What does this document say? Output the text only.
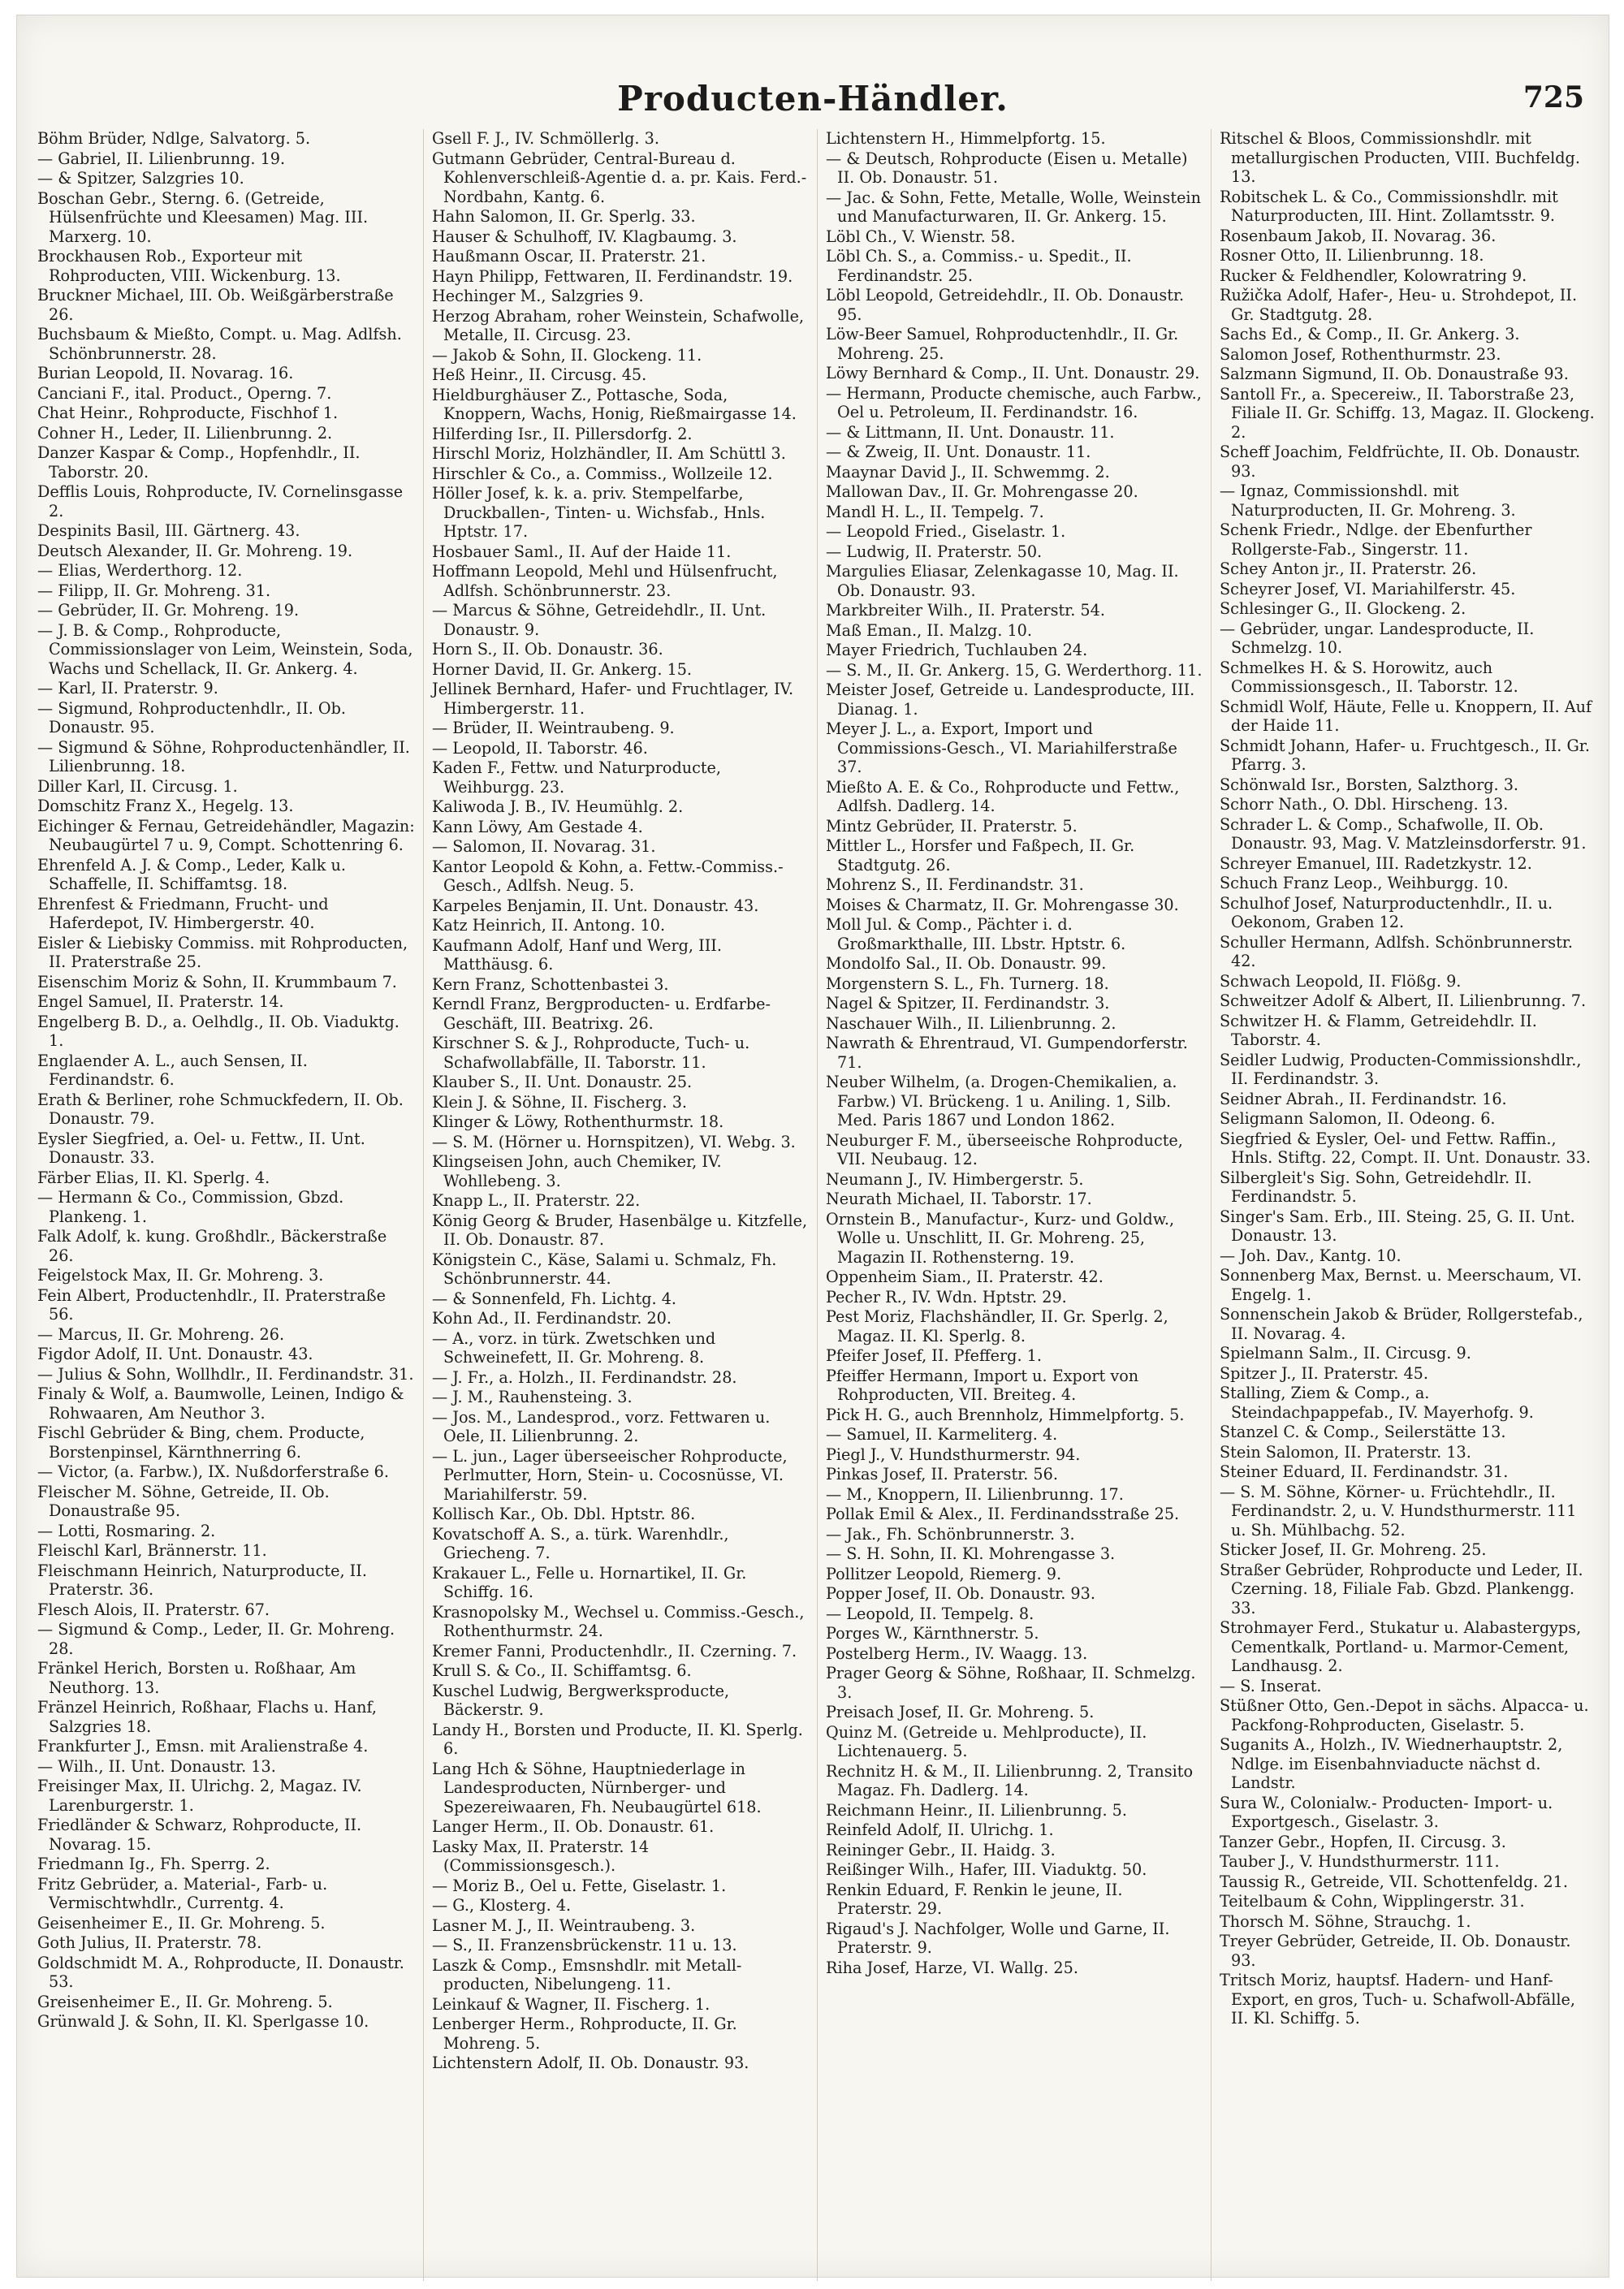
Producten-Händler.	725
Böhm Brüder, Ndlge, Salvatorg. 5.
— Gabriel, II. Lilienbrunng. 19.
— & Spitzer, Salzgries 10.
Boschan Gebr., Sterng. 6. (Getreide, Hülsenfrüchte und Kleesamen) Mag. III. Marxerg. 10.
Brockhausen Rob., Exporteur mit Rohproducten, VIII. Wickenburg. 13.
Bruckner Michael, III. Ob. Weißgärberstraße 26.
Buchsbaum & Mießto, Compt. u. Mag. Adlfsh. Schönbrunnerstr. 28.
Burian Leopold, II. Novarag. 16.
Canciani F., ital. Product., Operng. 7.
Chat Heinr., Rohproducte, Fischhof 1.
Cohner H., Leder, II. Lilienbrunng. 2.
Danzer Kaspar & Comp., Hopfenhdlr., II. Taborstr. 20.
Defflis Louis, Rohproducte, IV. Cornelinsgasse 2.
Despinits Basil, III. Gärtnerg. 43.
Deutsch Alexander, II. Gr. Mohreng. 19.
— Elias, Werderthorg. 12.
— Filipp, II. Gr. Mohreng. 31.
— Gebrüder, II. Gr. Mohreng. 19.
— J. B. & Comp., Rohproducte, Commissionslager von Leim, Weinstein, Soda, Wachs und Schellack, II. Gr. Ankerg. 4.
— Karl, II. Praterstr. 9.
— Sigmund, Rohproductenhdlr., II. Ob. Donaustr. 95.
— Sigmund & Söhne, Rohproductenhändler, II. Lilienbrunng. 18.
Diller Karl, II. Circusg. 1.
Domschitz Franz X., Hegelg. 13.
Eichinger & Fernau, Getreidehändler, Magazin: Neubaugürtel 7 u. 9, Compt. Schottenring 6.
Ehrenfeld A. J. & Comp., Leder, Kalk u. Schaffelle, II. Schiffamtsg. 18.
Ehrenfest & Friedmann, Frucht- und Haferdepot, IV. Himbergerstr. 40.
Eisler & Liebisky Commiss. mit Rohproducten, II. Praterstraße 25.
Eisenschim Moriz & Sohn, II. Krummbaum 7.
Engel Samuel, II. Praterstr. 14.
Engelberg B. D., a. Oelhdlg., II. Ob. Viaduktg. 1.
Englaender A. L., auch Sensen, II. Ferdinandstr. 6.
Erath & Berliner, rohe Schmuckfedern, II. Ob. Donaustr. 79.
Eysler Siegfried, a. Oel- u. Fettw., II. Unt. Donaustr. 33.
Färber Elias, II. Kl. Sperlg. 4.
— Hermann & Co., Commission, Gbzd. Plankeng. 1.
Falk Adolf, k. kung. Großhdlr., Bäckerstraße 26.
Feigelstock Max, II. Gr. Mohreng. 3.
Fein Albert, Productenhdlr., II. Praterstraße 56.
— Marcus, II. Gr. Mohreng. 26.
Figdor Adolf, II. Unt. Donaustr. 43.
— Julius & Sohn, Wollhdlr., II. Ferdinandstr. 31.
Finaly & Wolf, a. Baumwolle, Leinen, Indigo & Rohwaaren, Am Neuthor 3.
Fischl Gebrüder & Bing, chem. Producte, Borstenpinsel, Kärnthnerring 6.
— Victor, (a. Farbw.), IX. Nußdorferstraße 6.
Fleischer M. Söhne, Getreide, II. Ob. Donaustraße 95.
— Lotti, Rosmaring. 2.
Fleischl Karl, Brännerstr. 11.
Fleischmann Heinrich, Naturproducte, II. Praterstr. 36.
Flesch Alois, II. Praterstr. 67.
— Sigmund & Comp., Leder, II. Gr. Mohreng. 28.
Fränkel Herich, Borsten u. Roßhaar, Am Neuthorg. 13.
Fränzel Heinrich, Roßhaar, Flachs u. Hanf, Salzgries 18.
Frankfurter J., Emsn. mit Aralienstraße 4.
— Wilh., II. Unt. Donaustr. 13.
Freisinger Max, II. Ulrichg. 2, Magaz. IV. Larenburgerstr. 1.
Friedländer & Schwarz, Rohproducte, II. Novarag. 15.
Friedmann Ig., Fh. Sperrg. 2.
Fritz Gebrüder, a. Material-, Farb- u. Vermischtwhdlr., Currentg. 4.
Geisenheimer E., II. Gr. Mohreng. 5.
Goth Julius, II. Praterstr. 78.
Goldschmidt M. A., Rohproducte, II. Donaustr. 53.
Greisenheimer E., II. Gr. Mohreng. 5.
Grünwald J. & Sohn, II. Kl. Sperlgasse 10.
Gsell F. J., IV. Schmöllerlg. 3.
Gutmann Gebrüder, Central-Bureau d. Kohlenverschleiß-Agentie d. a. pr. Kais. Ferd.-Nordbahn, Kantg. 6.
Hahn Salomon, II. Gr. Sperlg. 33.
Hauser & Schulhoff, IV. Klagbaumg. 3.
Haußmann Oscar, II. Praterstr. 21.
Hayn Philipp, Fettwaren, II. Ferdinandstr. 19.
Hechinger M., Salzgries 9.
Herzog Abraham, roher Weinstein, Schafwolle, Metalle, II. Circusg. 23.
— Jakob & Sohn, II. Glockeng. 11.
Heß Heinr., II. Circusg. 45.
Hieldburghäuser Z., Pottasche, Soda, Knoppern, Wachs, Honig, Rießmairgasse 14.
Hilferding Isr., II. Pillersdorfg. 2.
Hirschl Moriz, Holzhändler, II. Am Schüttl 3.
Hirschler & Co., a. Commiss., Wollzeile 12.
Höller Josef, k. k. a. priv. Stempelfarbe, Druckballen-, Tinten- u. Wichsfab., Hnls. Hptstr. 17.
Hosbauer Saml., II. Auf der Haide 11.
Hoffmann Leopold, Mehl und Hülsenfrucht, Adlfsh. Schönbrunnerstr. 23.
— Marcus & Söhne, Getreidehdlr., II. Unt. Donaustr. 9.
Horn S., II. Ob. Donaustr. 36.
Horner David, II. Gr. Ankerg. 15.
Jellinek Bernhard, Hafer- und Fruchtlager, IV. Himbergerstr. 11.
— Brüder, II. Weintraubeng. 9.
— Leopold, II. Taborstr. 46.
Kaden F., Fettw. und Naturproducte, Weihburgg. 23.
Kaliwoda J. B., IV. Heumühlg. 2.
Kann Löwy, Am Gestade 4.
— Salomon, II. Novarag. 31.
Kantor Leopold & Kohn, a. Fettw.-Commiss.-Gesch., Adlfsh. Neug. 5.
Karpeles Benjamin, II. Unt. Donaustr. 43.
Katz Heinrich, II. Antong. 10.
Kaufmann Adolf, Hanf und Werg, III. Matthäusg. 6.
Kern Franz, Schottenbastei 3.
Kerndl Franz, Bergproducten- u. Erdfarbe-Geschäft, III. Beatrixg. 26.
Kirschner S. & J., Rohproducte, Tuch- u. Schafwollabfälle, II. Taborstr. 11.
Klauber S., II. Unt. Donaustr. 25.
Klein J. & Söhne, II. Fischerg. 3.
Klinger & Löwy, Rothenthurmstr. 18.
— S. M. (Hörner u. Hornspitzen), VI. Webg. 3.
Klingseisen John, auch Chemiker, IV. Wohllebeng. 3.
Knapp L., II. Praterstr. 22.
König Georg & Bruder, Hasenbälge u. Kitzfelle, II. Ob. Donaustr. 87.
Königstein C., Käse, Salami u. Schmalz, Fh. Schönbrunnerstr. 44.
— & Sonnenfeld, Fh. Lichtg. 4.
Kohn Ad., II. Ferdinandstr. 20.
— A., vorz. in türk. Zwetschken und Schweinefett, II. Gr. Mohreng. 8.
— J. Fr., a. Holzh., II. Ferdinandstr. 28.
— J. M., Rauhensteing. 3.
— Jos. M., Landesprod., vorz. Fettwaren u. Oele, II. Lilienbrunng. 2.
— L. jun., Lager überseeischer Rohproducte, Perlmutter, Horn, Stein- u. Cocosnüsse, VI. Mariahilferstr. 59.
Kollisch Kar., Ob. Dbl. Hptstr. 86.
Kovatschoff A. S., a. türk. Warenhdlr., Griecheng. 7.
Krakauer L., Felle u. Hornartikel, II. Gr. Schiffg. 16.
Krasnopolsky M., Wechsel u. Commiss.-Gesch., Rothenthurmstr. 24.
Kremer Fanni, Productenhdlr., II. Czerning. 7.
Krull S. & Co., II. Schiffamtsg. 6.
Kuschel Ludwig, Bergwerksproducte, Bäckerstr. 9.
Landy H., Borsten und Producte, II. Kl. Sperlg. 6.
Lang Hch & Söhne, Hauptniederlage in Landesproducten, Nürnberger- und Spezereiwaaren, Fh. Neubaugürtel 618.
Langer Herm., II. Ob. Donaustr. 61.
Lasky Max, II. Praterstr. 14 (Commissionsgesch.).
— Moriz B., Oel u. Fette, Giselastr. 1.
— G., Klosterg. 4.
Lasner M. J., II. Weintraubeng. 3.
— S., II. Franzensbrückenstr. 11 u. 13.
Laszk & Comp., Emsnshdlr. mit Metall- producten, Nibelungeng. 11.
Leinkauf & Wagner, II. Fischerg. 1.
Lenberger Herm., Rohproducte, II. Gr. Mohreng. 5.
Lichtenstern Adolf, II. Ob. Donaustr. 93.
Lichtenstern H., Himmelpfortg. 15.
— & Deutsch, Rohproducte (Eisen u. Metalle) II. Ob. Donaustr. 51.
— Jac. & Sohn, Fette, Metalle, Wolle, Weinstein und Manufacturwaren, II. Gr. Ankerg. 15.
Löbl Ch., V. Wienstr. 58.
Löbl Ch. S., a. Commiss.- u. Spedit., II. Ferdinandstr. 25.
Löbl Leopold, Getreidehdlr., II. Ob. Donaustr. 95.
Löw-Beer Samuel, Rohproductenhdlr., II. Gr. Mohreng. 25.
Löwy Bernhard & Comp., II. Unt. Donaustr. 29.
— Hermann, Producte chemische, auch Farbw., Oel u. Petroleum, II. Ferdinandstr. 16.
— & Littmann, II. Unt. Donaustr. 11.
— & Zweig, II. Unt. Donaustr. 11.
Maaynar David J., II. Schwemmg. 2.
Mallowan Dav., II. Gr. Mohrengasse 20.
Mandl H. L., II. Tempelg. 7.
— Leopold Fried., Giselastr. 1.
— Ludwig, II. Praterstr. 50.
Margulies Eliasar, Zelenkagasse 10, Mag. II. Ob. Donaustr. 93.
Markbreiter Wilh., II. Praterstr. 54.
Maß Eman., II. Malzg. 10.
Mayer Friedrich, Tuchlauben 24.
— S. M., II. Gr. Ankerg. 15, G. Werderthorg. 11.
Meister Josef, Getreide u. Landesproducte, III. Dianag. 1.
Meyer J. L., a. Export, Import und Commissions-Gesch., VI. Mariahilferstraße 37.
Mießto A. E. & Co., Rohproducte und Fettw., Adlfsh. Dadlerg. 14.
Mintz Gebrüder, II. Praterstr. 5.
Mittler L., Horsfer und Faßpech, II. Gr. Stadtgutg. 26.
Mohrenz S., II. Ferdinandstr. 31.
Moises & Charmatz, II. Gr. Mohrengasse 30.
Moll Jul. & Comp., Pächter i. d. Großmarkthalle, III. Lbstr. Hptstr. 6.
Mondolfo Sal., II. Ob. Donaustr. 99.
Morgenstern S. L., Fh. Turnerg. 18.
Nagel & Spitzer, II. Ferdinandstr. 3.
Naschauer Wilh., II. Lilienbrunng. 2.
Nawrath & Ehrentraud, VI. Gumpendorferstr. 71.
Neuber Wilhelm, (a. Drogen-Chemikalien, a. Farbw.) VI. Brückeng. 1 u. Aniling. 1, Silb. Med. Paris 1867 und London 1862.
Neuburger F. M., überseeische Rohproducte, VII. Neubaug. 12.
Neumann J., IV. Himbergerstr. 5.
Neurath Michael, II. Taborstr. 17.
Ornstein B., Manufactur-, Kurz- und Goldw., Wolle u. Unschlitt, II. Gr. Mohreng. 25, Magazin II. Rothensterng. 19.
Oppenheim Siam., II. Praterstr. 42.
Pecher R., IV. Wdn. Hptstr. 29.
Pest Moriz, Flachshändler, II. Gr. Sperlg. 2, Magaz. II. Kl. Sperlg. 8.
Pfeifer Josef, II. Pfefferg. 1.
Pfeiffer Hermann, Import u. Export von Rohproducten, VII. Breiteg. 4.
Pick H. G., auch Brennholz, Himmelpfortg. 5.
— Samuel, II. Karmeliterg. 4.
Piegl J., V. Hundsthurmerstr. 94.
Pinkas Josef, II. Praterstr. 56.
— M., Knoppern, II. Lilienbrunng. 17.
Pollak Emil & Alex., II. Ferdinandsstraße 25.
— Jak., Fh. Schönbrunnerstr. 3.
— S. H. Sohn, II. Kl. Mohrengasse 3.
Pollitzer Leopold, Riemerg. 9.
Popper Josef, II. Ob. Donaustr. 93.
— Leopold, II. Tempelg. 8.
Porges W., Kärnthnerstr. 5.
Postelberg Herm., IV. Waagg. 13.
Prager Georg & Söhne, Roßhaar, II. Schmelzg. 3.
Preisach Josef, II. Gr. Mohreng. 5.
Quinz M. (Getreide u. Mehlproducte), II. Lichtenauerg. 5.
Rechnitz H. & M., II. Lilienbrunng. 2, Transito Magaz. Fh. Dadlerg. 14.
Reichmann Heinr., II. Lilienbrunng. 5.
Reinfeld Adolf, II. Ulrichg. 1.
Reininger Gebr., II. Haidg. 3.
Reißinger Wilh., Hafer, III. Viaduktg. 50.
Renkin Eduard, F. Renkin le jeune, II. Praterstr. 29.
Rigaud's J. Nachfolger, Wolle und Garne, II. Praterstr. 9.
Riha Josef, Harze, VI. Wallg. 25.
Ritschel & Bloos, Commissionshdlr. mit metallurgischen Producten, VIII. Buchfeldg. 13.
Robitschek L. & Co., Commissionshdlr. mit Naturproducten, III. Hint. Zollamtsstr. 9.
Rosenbaum Jakob, II. Novarag. 36.
Rosner Otto, II. Lilienbrunng. 18.
Rucker & Feldhendler, Kolowratring 9.
Ružička Adolf, Hafer-, Heu- u. Strohdepot, II. Gr. Stadtgutg. 28.
Sachs Ed., & Comp., II. Gr. Ankerg. 3.
Salomon Josef, Rothenthurmstr. 23.
Salzmann Sigmund, II. Ob. Donaustraße 93.
Santoll Fr., a. Specereiw., II. Taborstraße 23, Filiale II. Gr. Schiffg. 13, Magaz. II. Glockeng. 2.
Scheff Joachim, Feldfrüchte, II. Ob. Donaustr. 93.
— Ignaz, Commissionshdl. mit Naturproducten, II. Gr. Mohreng. 3.
Schenk Friedr., Ndlge. der Ebenfurther Rollgerste-Fab., Singerstr. 11.
Schey Anton jr., II. Praterstr. 26.
Scheyrer Josef, VI. Mariahilferstr. 45.
Schlesinger G., II. Glockeng. 2.
— Gebrüder, ungar. Landesproducte, II. Schmelzg. 10.
Schmelkes H. & S. Horowitz, auch Commissionsgesch., II. Taborstr. 12.
Schmidl Wolf, Häute, Felle u. Knoppern, II. Auf der Haide 11.
Schmidt Johann, Hafer- u. Fruchtgesch., II. Gr. Pfarrg. 3.
Schönwald Isr., Borsten, Salzthorg. 3.
Schorr Nath., O. Dbl. Hirscheng. 13.
Schrader L. & Comp., Schafwolle, II. Ob. Donaustr. 93, Mag. V. Matzleinsdorferstr. 91.
Schreyer Emanuel, III. Radetzkystr. 12.
Schuch Franz Leop., Weihburgg. 10.
Schulhof Josef, Naturproductenhdlr., II. u. Oekonom, Graben 12.
Schuller Hermann, Adlfsh. Schönbrunnerstr. 42.
Schwach Leopold, II. Flößg. 9.
Schweitzer Adolf & Albert, II. Lilienbrunng. 7.
Schwitzer H. & Flamm, Getreidehdlr. II. Taborstr. 4.
Seidler Ludwig, Producten-Commissionshdlr., II. Ferdinandstr. 3.
Seidner Abrah., II. Ferdinandstr. 16.
Seligmann Salomon, II. Odeong. 6.
Siegfried & Eysler, Oel- und Fettw. Raffin., Hnls. Stiftg. 22, Compt. II. Unt. Donaustr. 33.
Silbergleit's Sig. Sohn, Getreidehdlr. II. Ferdinandstr. 5.
Singer's Sam. Erb., III. Steing. 25, G. II. Unt. Donaustr. 13.
— Joh. Dav., Kantg. 10.
Sonnenberg Max, Bernst. u. Meerschaum, VI. Engelg. 1.
Sonnenschein Jakob & Brüder, Rollgerstefab., II. Novarag. 4.
Spielmann Salm., II. Circusg. 9.
Spitzer J., II. Praterstr. 45.
Stalling, Ziem & Comp., a. Steindachpappefab., IV. Mayerhofg. 9.
Stanzel C. & Comp., Seilerstätte 13.
Stein Salomon, II. Praterstr. 13.
Steiner Eduard, II. Ferdinandstr. 31.
— S. M. Söhne, Körner- u. Früchtehdlr., II. Ferdinandstr. 2, u. V. Hundsthurmerstr. 111 u. Sh. Mühlbachg. 52.
Sticker Josef, II. Gr. Mohreng. 25.
Straßer Gebrüder, Rohproducte und Leder, II. Czerning. 18, Filiale Fab. Gbzd. Plankengg. 33.
Strohmayer Ferd., Stukatur u. Alabastergyps, Cementkalk, Portland- u. Marmor-Cement, Landhausg. 2.
— S. Inserat.
Stüßner Otto, Gen.-Depot in sächs. Alpacca- u. Packfong-Rohproducten, Giselastr. 5.
Suganits A., Holzh., IV. Wiednerhauptstr. 2, Ndlge. im Eisenbahnviaducte nächst d. Landstr.
Sura W., Colonialw.- Producten- Import- u. Exportgesch., Giselastr. 3.
Tanzer Gebr., Hopfen, II. Circusg. 3.
Tauber J., V. Hundsthurmerstr. 111.
Taussig R., Getreide, VII. Schottenfeldg. 21.
Teitelbaum & Cohn, Wipplingerstr. 31.
Thorsch M. Söhne, Strauchg. 1.
Treyer Gebrüder, Getreide, II. Ob. Donaustr. 93.
Tritsch Moriz, hauptsf. Hadern- und Hanf-Export, en gros, Tuch- u. Schafwoll-Abfälle, II. Kl. Schiffg. 5.
